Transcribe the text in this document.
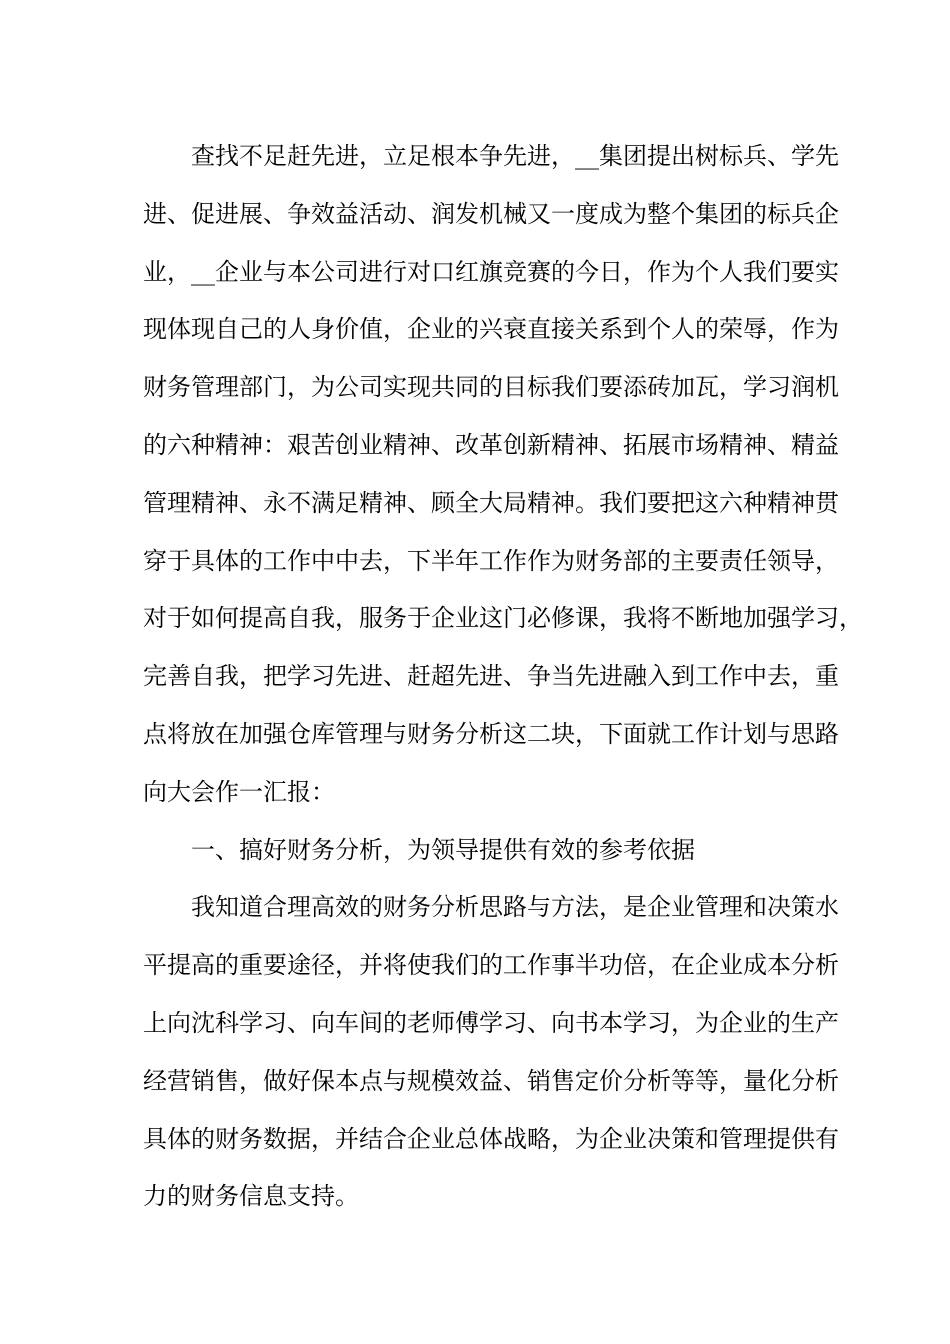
查找不足赶先进，立足根本争先进，__集团提出树标兵、学先
进、促进展、争效益活动、润发机械又一度成为整个集团的标兵企
业，__企业与本公司进行对口红旗竞赛的今日，作为个人我们要实
现体现自己的人身价值，企业的兴衰直接关系到个人的荣辱，作为
财务管理部门，为公司实现共同的目标我们要添砖加瓦，学习润机
的六种精神：艰苦创业精神、改革创新精神、拓展市场精神、精益
管理精神、永不满足精神、顾全大局精神。我们要把这六种精神贯
穿于具体的工作中中去，下半年工作作为财务部的主要责任领导，
对于如何提高自我，服务于企业这门必修课，我将不断地加强学习，
完善自我，把学习先进、赶超先进、争当先进融入到工作中去，重
点将放在加强仓库管理与财务分析这二块，下面就工作计划与思路
向大会作一汇报：
一、搞好财务分析，为领导提供有效的参考依据
我知道合理高效的财务分析思路与方法，是企业管理和决策水
平提高的重要途径，并将使我们的工作事半功倍，在企业成本分析
上向沈科学习、向车间的老师傅学习、向书本学习，为企业的生产
经营销售，做好保本点与规模效益、销售定价分析等等，量化分析
具体的财务数据，并结合企业总体战略，为企业决策和管理提供有
力的财务信息支持。
